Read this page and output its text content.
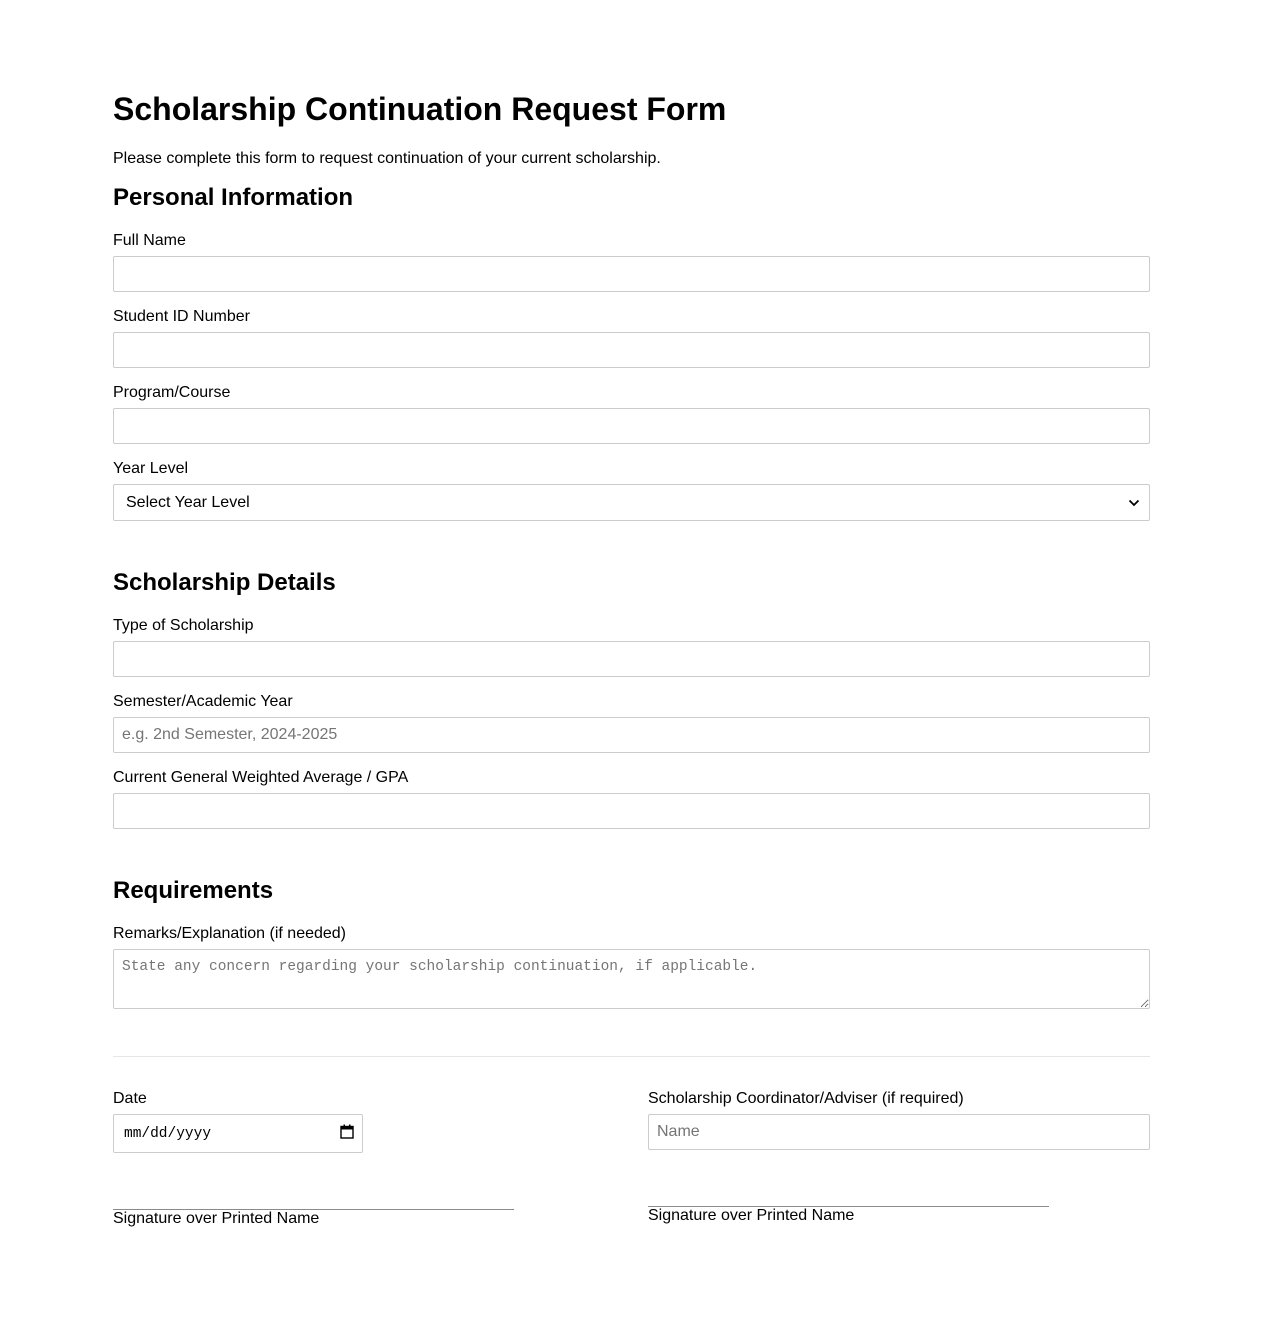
Scholarship Continuation Request Form

Please complete this form to request continuation of your current scholarship.

Personal Information
Full Name
Student ID Number
Program/Course
Year Level
Select Year Level
Scholarship Details
Type of Scholarship
Semester/Academic Year
e.g. 2nd Semester, 2024-2025
Current General Weighted Average / GPA
Requirements
Remarks/Explanation (if needed)
State any concern regarding your scholarship continuation, if applicable.
Date
mm/dd/yyyy
Signature over Printed Name
Scholarship Coordinator/Adviser (if required)
Name
Signature over Printed Name
